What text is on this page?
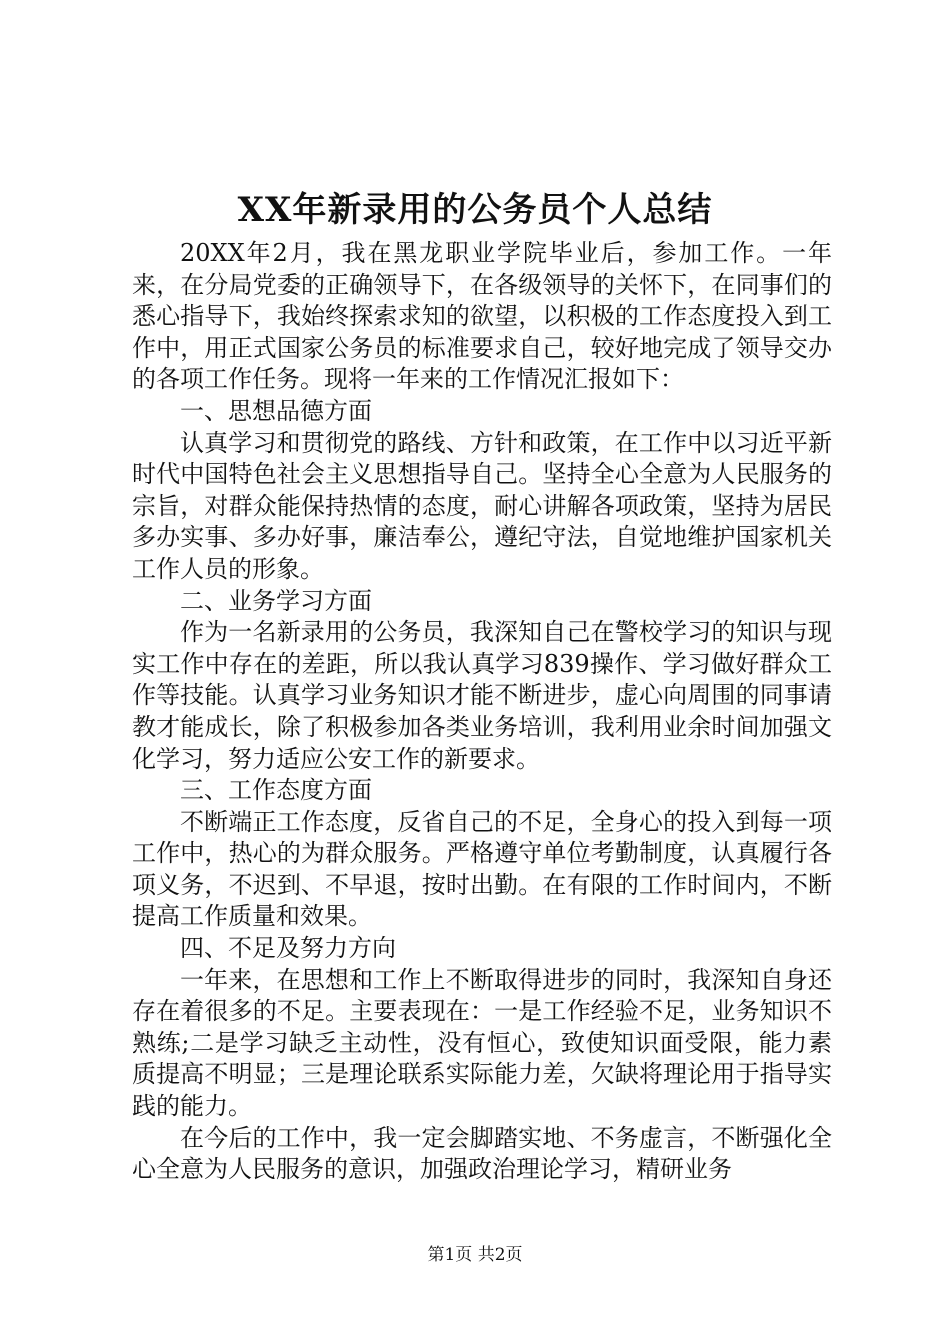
XX年新录用的公务员个人总结

20XX年2月，我在黑龙职业学院毕业后，参加工作。一年来，在分局党委的正确领导下，在各级领导的关怀下，在同事们的悉心指导下，我始终探索求知的欲望，以积极的工作态度投入到工作中，用正式国家公务员的标准要求自己，较好地完成了领导交办的各项工作任务。现将一年来的工作情况汇报如下：

一、思想品德方面

认真学习和贯彻党的路线、方针和政策，在工作中以习近平新时代中国特色社会主义思想指导自己。坚持全心全意为人民服务的宗旨，对群众能保持热情的态度，耐心讲解各项政策，坚持为居民多办实事、多办好事，廉洁奉公，遵纪守法，自觉地维护国家机关工作人员的形象。

二、业务学习方面

作为一名新录用的公务员，我深知自己在警校学习的知识与现实工作中存在的差距，所以我认真学习839操作、学习做好群众工作等技能。认真学习业务知识才能不断进步，虚心向周围的同事请教才能成长，除了积极参加各类业务培训，我利用业余时间加强文化学习，努力适应公安工作的新要求。

三、工作态度方面

不断端正工作态度，反省自己的不足，全身心的投入到每一项工作中，热心的为群众服务。严格遵守单位考勤制度，认真履行各项义务，不迟到、不早退，按时出勤。在有限的工作时间内，不断提高工作质量和效果。

四、不足及努力方向

一年来，在思想和工作上不断取得进步的同时，我深知自身还存在着很多的不足。主要表现在：一是工作经验不足，业务知识不熟练;二是学习缺乏主动性，没有恒心，致使知识面受限，能力素质提高不明显；三是理论联系实际能力差，欠缺将理论用于指导实践的能力。

在今后的工作中，我一定会脚踏实地、不务虚言，不断强化全心全意为人民服务的意识，加强政治理论学习，精研业务

第1页 共2页
